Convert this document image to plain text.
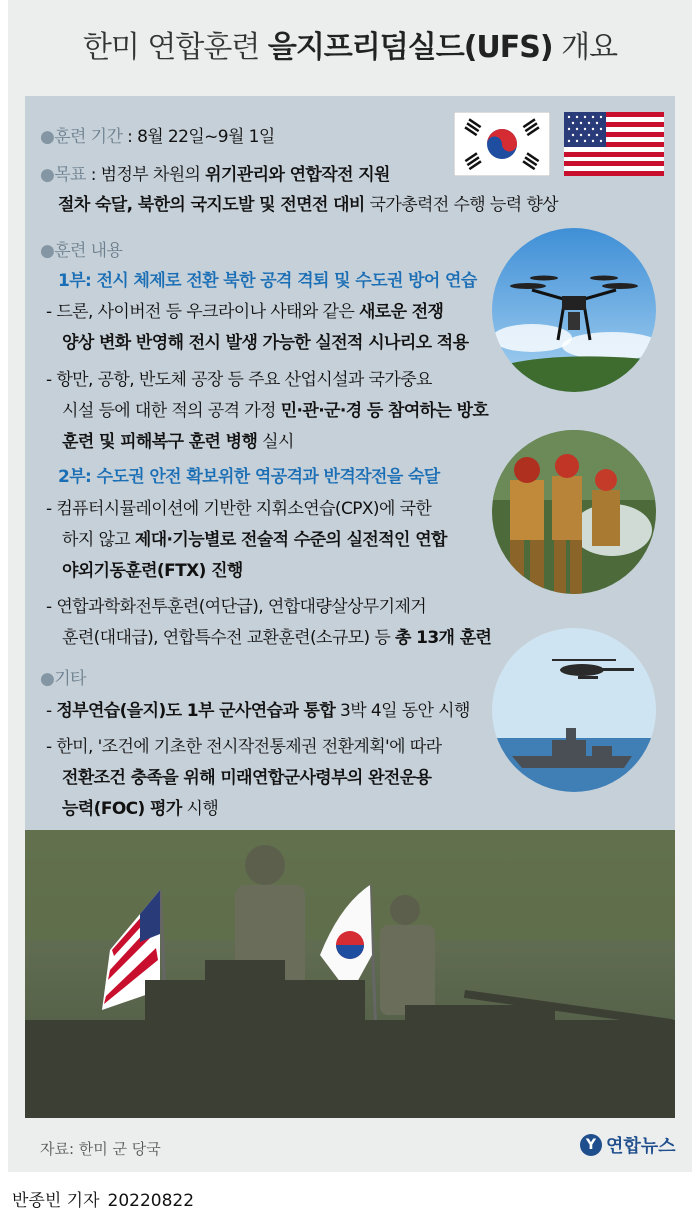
한미 연합훈련 을지프리덤실드(UFS) 개요
●훈련 기간 : 8월 22일~9월 1일
●목표 : 범정부 차원의 위기관리와 연합작전 지원
절차 숙달, 북한의 국지도발 및 전면전 대비 국가총력전 수행 능력 향상
●훈련 내용
1부: 전시 체제로 전환 북한 공격 격퇴 및 수도권 방어 연습
- 드론, 사이버전 등 우크라이나 사태와 같은 새로운 전쟁
양상 변화 반영해 전시 발생 가능한 실전적 시나리오 적용
- 항만, 공항, 반도체 공장 등 주요 산업시설과 국가중요
시설 등에 대한 적의 공격 가정 민·관·군·경 등 참여하는 방호
훈련 및 피해복구 훈련 병행 실시
2부: 수도권 안전 확보위한 역공격과 반격작전을 숙달
- 컴퓨터시뮬레이션에 기반한 지휘소연습(CPX)에 국한
하지 않고 제대·기능별로 전술적 수준의 실전적인 연합
야외기동훈련(FTX) 진행
- 연합과학화전투훈련(여단급), 연합대량살상무기제거
훈련(대대급), 연합특수전 교환훈련(소규모) 등 총 13개 훈련
●기타
- 정부연습(을지)도 1부 군사연습과 통합 3박 4일 동안 시행
- 한미, '조건에 기초한 전시작전통제권 전환계획'에 따라
전환조건 충족을 위해 미래연합군사령부의 완전운용
능력(FOC) 평가 시행
자료: 한미 군 당국	Y 연합뉴스
반종빈 기자 20220822
